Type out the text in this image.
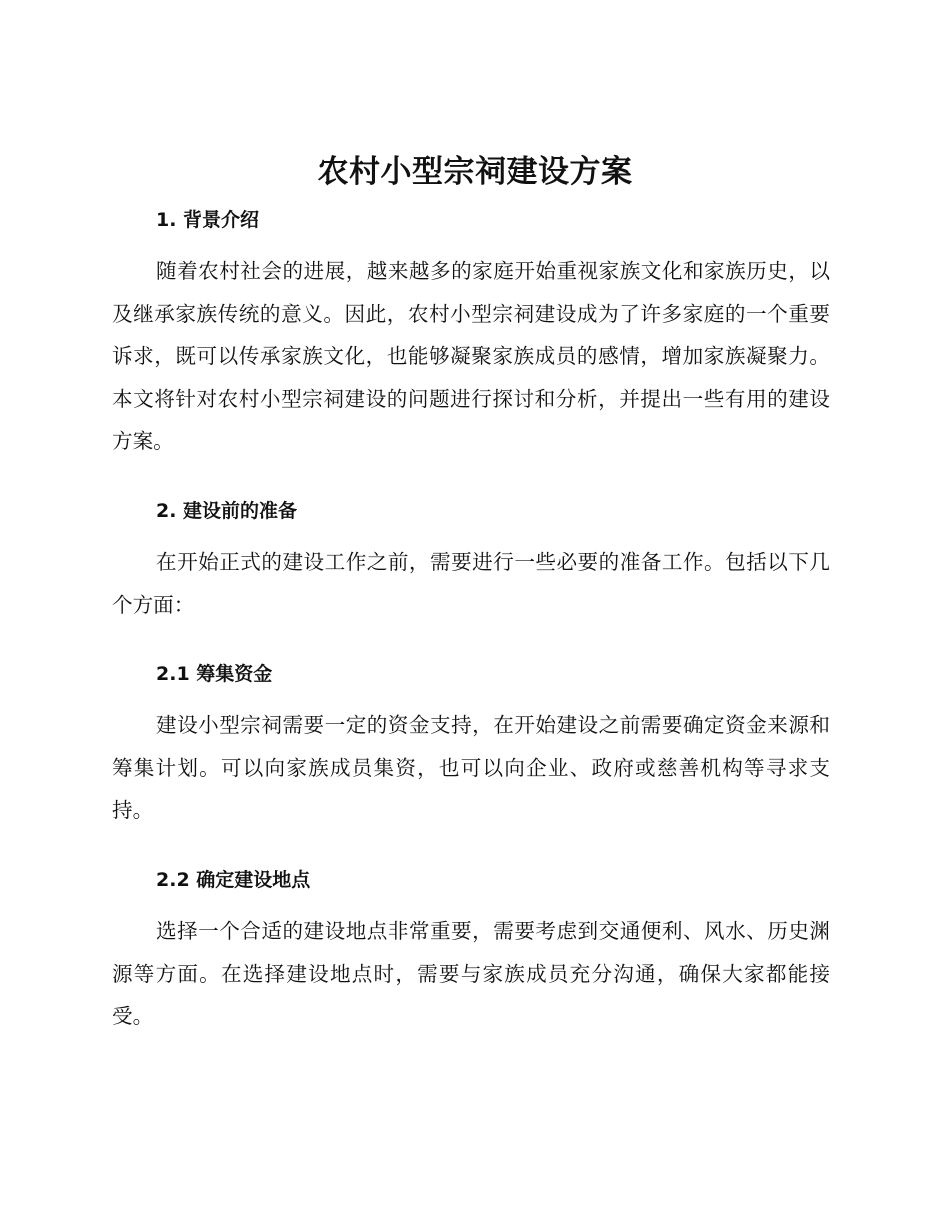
农村小型宗祠建设方案
1. 背景介绍

随着农村社会的进展，越来越多的家庭开始重视家族文化和家族历史，以及继承家族传统的意义。因此，农村小型宗祠建设成为了许多家庭的一个重要诉求，既可以传承家族文化，也能够凝聚家族成员的感情，增加家族凝聚力。本文将针对农村小型宗祠建设的问题进行探讨和分析，并提出一些有用的建设方案。

2. 建设前的准备

在开始正式的建设工作之前，需要进行一些必要的准备工作。包括以下几个方面：

2.1 筹集资金

建设小型宗祠需要一定的资金支持，在开始建设之前需要确定资金来源和筹集计划。可以向家族成员集资，也可以向企业、政府或慈善机构等寻求支持。

2.2 确定建设地点

选择一个合适的建设地点非常重要，需要考虑到交通便利、风水、历史渊源等方面。在选择建设地点时，需要与家族成员充分沟通，确保大家都能接受。
